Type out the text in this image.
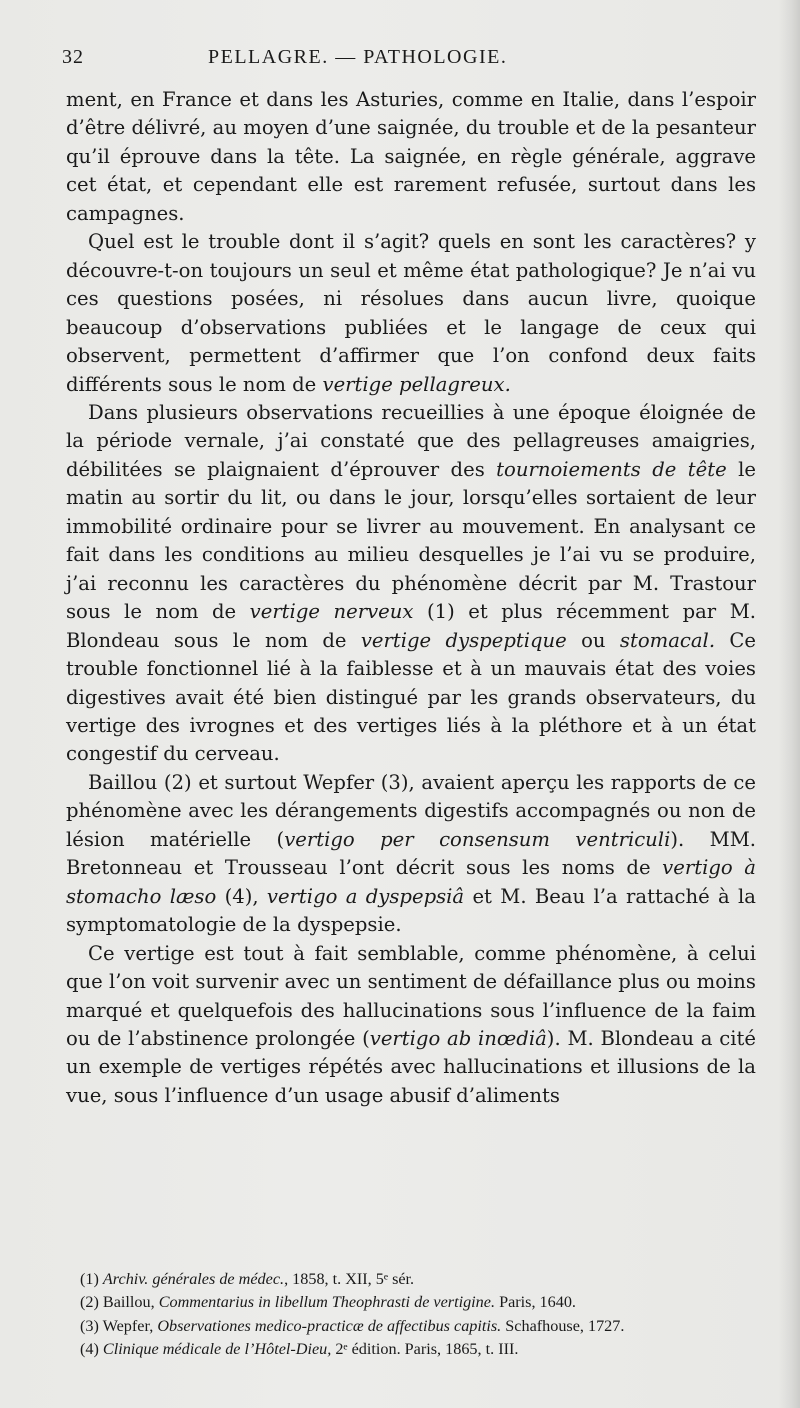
32	PELLAGRE. — PATHOLOGIE.

ment, en France et dans les Asturies, comme en Italie, dans l’espoir d’être délivré, au moyen d’une saignée, du trouble et de la pesanteur qu’il éprouve dans la tête. La saignée, en règle générale, aggrave cet état, et cependant elle est rarement refusée, surtout dans les campagnes.

Quel est le trouble dont il s’agit? quels en sont les caractères? y découvre-t-on toujours un seul et même état pathologique? Je n’ai vu ces questions posées, ni résolues dans aucun livre, quoique beaucoup d’observations publiées et le langage de ceux qui observent, permettent d’affirmer que l’on confond deux faits différents sous le nom de vertige pellagreux.

Dans plusieurs observations recueillies à une époque éloignée de la période vernale, j’ai constaté que des pellagreuses amaigries, débilitées se plaignaient d’éprouver des tournoiements de tête le matin au sortir du lit, ou dans le jour, lorsqu’elles sortaient de leur immobilité ordinaire pour se livrer au mouvement. En analysant ce fait dans les conditions au milieu desquelles je l’ai vu se produire, j’ai reconnu les caractères du phénomène décrit par M. Trastour sous le nom de vertige nerveux (1) et plus récemment par M. Blondeau sous le nom de vertige dyspeptique ou stomacal. Ce trouble fonctionnel lié à la faiblesse et à un mauvais état des voies digestives avait été bien distingué par les grands observateurs, du vertige des ivrognes et des vertiges liés à la pléthore et à un état congestif du cerveau.

Baillou (2) et surtout Wepfer (3), avaient aperçu les rapports de ce phénomène avec les dérangements digestifs accompagnés ou non de lésion matérielle (vertigo per consensum ventriculi). MM. Bretonneau et Trousseau l’ont décrit sous les noms de vertigo à stomacho læso (4), vertigo a dyspepsiâ et M. Beau l’a rattaché à la symptomatologie de la dyspepsie.

Ce vertige est tout à fait semblable, comme phénomène, à celui que l’on voit survenir avec un sentiment de défaillance plus ou moins marqué et quelquefois des hallucinations sous l’influence de la faim ou de l’abstinence prolongée (vertigo ab inœdiâ). M. Blondeau a cité un exemple de vertiges répétés avec hallucinations et illusions de la vue, sous l’influence d’un usage abusif d’aliments

(1) Archiv. générales de médec., 1858, t. XII, 5ᵉ sér.

(2) Baillou, Commentarius in libellum Theophrasti de vertigine. Paris, 1640.

(3) Wepfer, Observationes medico-practicæ de affectibus capitis. Schafhouse, 1727.

(4) Clinique médicale de l’Hôtel-Dieu, 2ᵉ édition. Paris, 1865, t. III.
